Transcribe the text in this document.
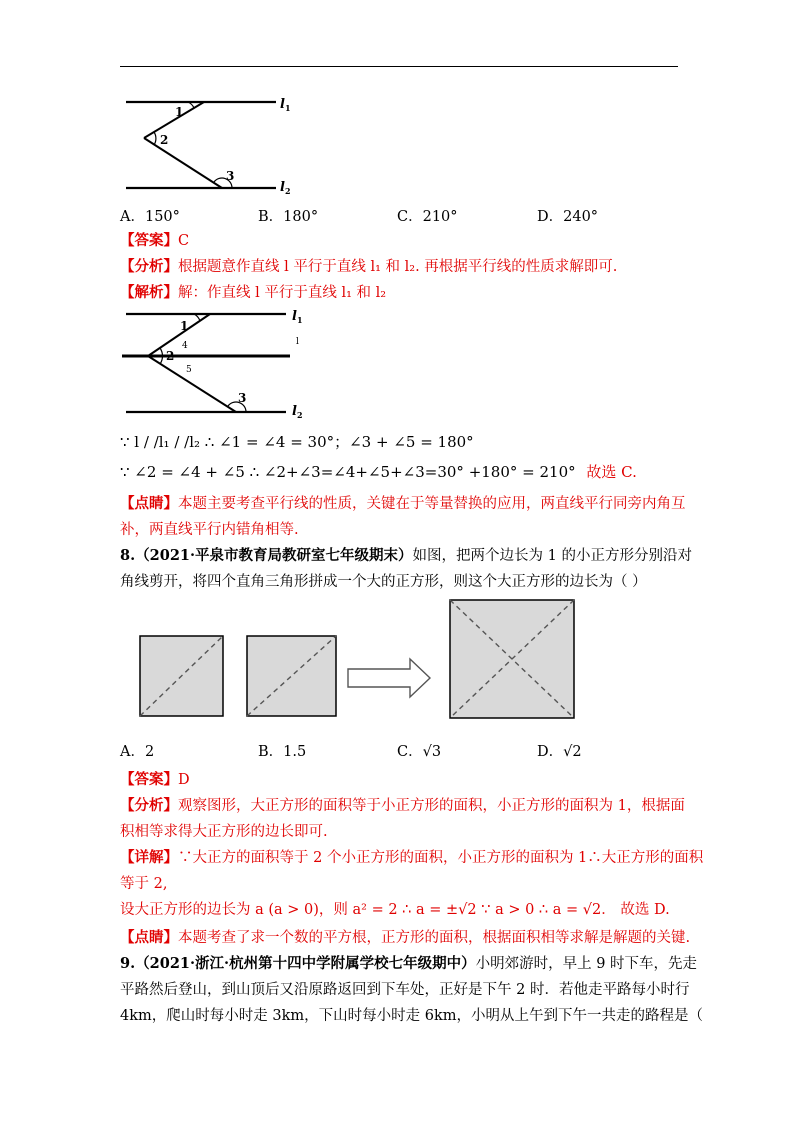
1
2
3
l 1
l 2
A．150°	B．180°	C．210°	D．240°
【答案】C
【分析】根据题意作直线 l 平行于直线 l₁ 和 l₂. 再根据平行线的性质求解即可.
【解析】解：作直线 l 平行于直线 l₁ 和 l₂
1
2
4
5
3
l 1
l
l 2
∵ l / /l₁ / /l₂ ∴ ∠1 = ∠4 = 30°；∠3 + ∠5 = 180°
∵ ∠2 = ∠4 + ∠5 ∴ ∠2+∠3=∠4+∠5+∠3=30° +180° = 210° 故选 C.
【点睛】本题主要考查平行线的性质，关键在于等量替换的应用，两直线平行同旁内角互
补，两直线平行内错角相等.
8.（2021·平泉市教育局教研室七年级期末）如图，把两个边长为 1 的小正方形分别沿对
角线剪开，将四个直角三角形拼成一个大的正方形，则这个大正方形的边长为（ ）
A．2	B．1.5	C．√3	D．√2
【答案】D
【分析】观察图形，大正方形的面积等于小正方形的面积，小正方形的面积为 1，根据面
积相等求得大正方形的边长即可.
【详解】∵大正方的面积等于 2 个小正方形的面积，小正方形的面积为 1∴大正方形的面积
等于 2,
设大正方形的边长为 a (a > 0)，则 a² = 2 ∴ a = ±√2 ∵ a > 0 ∴ a = √2． 故选 D.
【点睛】本题考查了求一个数的平方根，正方形的面积，根据面积相等求解是解题的关键.
9.（2021·浙江·杭州第十四中学附属学校七年级期中）小明郊游时，早上 9 时下车，先走
平路然后登山，到山顶后又沿原路返回到下车处，正好是下午 2 时．若他走平路每小时行
4km，爬山时每小时走 3km，下山时每小时走 6km，小明从上午到下午一共走的路程是（
